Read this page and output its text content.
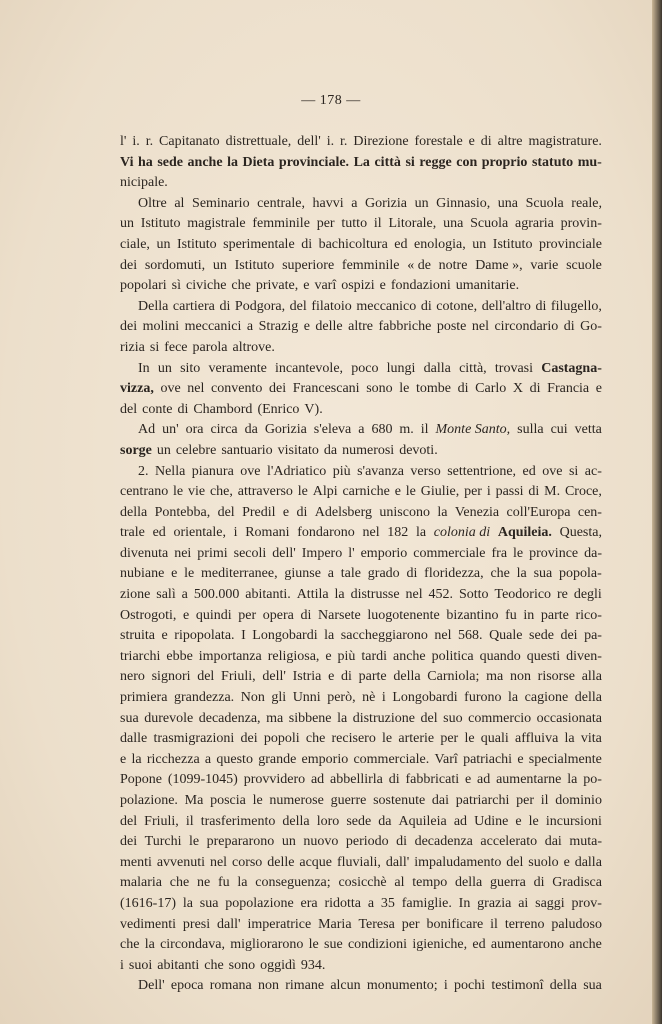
— 178 —
l' i. r. Capitanato distrettuale, dell' i. r. Direzione forestale e di altre magistrature.
Vi ha sede anche la Dieta provinciale. La città si regge con proprio statuto mu-
nicipale.
Oltre al Seminario centrale, havvi a Gorizia un Ginnasio, una Scuola reale,
un Istituto magistrale femminile per tutto il Litorale, una Scuola agraria provin-
ciale, un Istituto sperimentale di bachicoltura ed enologia, un Istituto provinciale
dei sordomuti, un Istituto superiore femminile « de notre Dame », varie scuole
popolari sì civiche che private, e varî ospizi e fondazioni umanitarie.
Della cartiera di Podgora, del filatoio meccanico di cotone, dell'altro di filugello,
dei molini meccanici a Strazig e delle altre fabbriche poste nel circondario di Go-
rizia si fece parola altrove.
In un sito veramente incantevole, poco lungi dalla città, trovasi Castagna-
vizza, ove nel convento dei Francescani sono le tombe di Carlo X di Francia e
del conte di Chambord (Enrico V).
Ad un' ora circa da Gorizia s'eleva a 680 m. il Monte Santo, sulla cui vetta
sorge un celebre santuario visitato da numerosi devoti.
2. Nella pianura ove l'Adriatico più s'avanza verso settentrione, ed ove si ac-
centrano le vie che, attraverso le Alpi carniche e le Giulie, per i passi di M. Croce,
della Pontebba, del Predil e di Adelsberg uniscono la Venezia coll'Europa cen-
trale ed orientale, i Romani fondarono nel 182 la colonia di Aquileia. Questa,
divenuta nei primi secoli dell' Impero l' emporio commerciale fra le province da-
nubiane e le mediterranee, giunse a tale grado di floridezza, che la sua popola-
zione salì a 500.000 abitanti. Attila la distrusse nel 452. Sotto Teodorico re degli
Ostrogoti, e quindi per opera di Narsete luogotenente bizantino fu in parte rico-
struita e ripopolata. I Longobardi la saccheggiarono nel 568. Quale sede dei pa-
triarchi ebbe importanza religiosa, e più tardi anche politica quando questi diven-
nero signori del Friuli, dell' Istria e di parte della Carniola; ma non risorse alla
primiera grandezza. Non gli Unni però, nè i Longobardi furono la cagione della
sua durevole decadenza, ma sibbene la distruzione del suo commercio occasionata
dalle trasmigrazioni dei popoli che recisero le arterie per le quali affluiva la vita
e la ricchezza a questo grande emporio commerciale. Varî patriachi e specialmente
Popone (1099-1045) provvidero ad abbellirla di fabbricati e ad aumentarne la po-
polazione. Ma poscia le numerose guerre sostenute dai patriarchi per il dominio
del Friuli, il trasferimento della loro sede da Aquileia ad Udine e le incursioni
dei Turchi le prepararono un nuovo periodo di decadenza accelerato dai muta-
menti avvenuti nel corso delle acque fluviali, dall' impaludamento del suolo e dalla
malaria che ne fu la conseguenza; cosicchè al tempo della guerra di Gradisca
(1616-17) la sua popolazione era ridotta a 35 famiglie. In grazia ai saggi prov-
vedimenti presi dall' imperatrice Maria Teresa per bonificare il terreno paludoso
che la circondava, migliorarono le sue condizioni igieniche, ed aumentarono anche
i suoi abitanti che sono oggidì 934.
Dell' epoca romana non rimane alcun monumento; i pochi testimonî della sua
